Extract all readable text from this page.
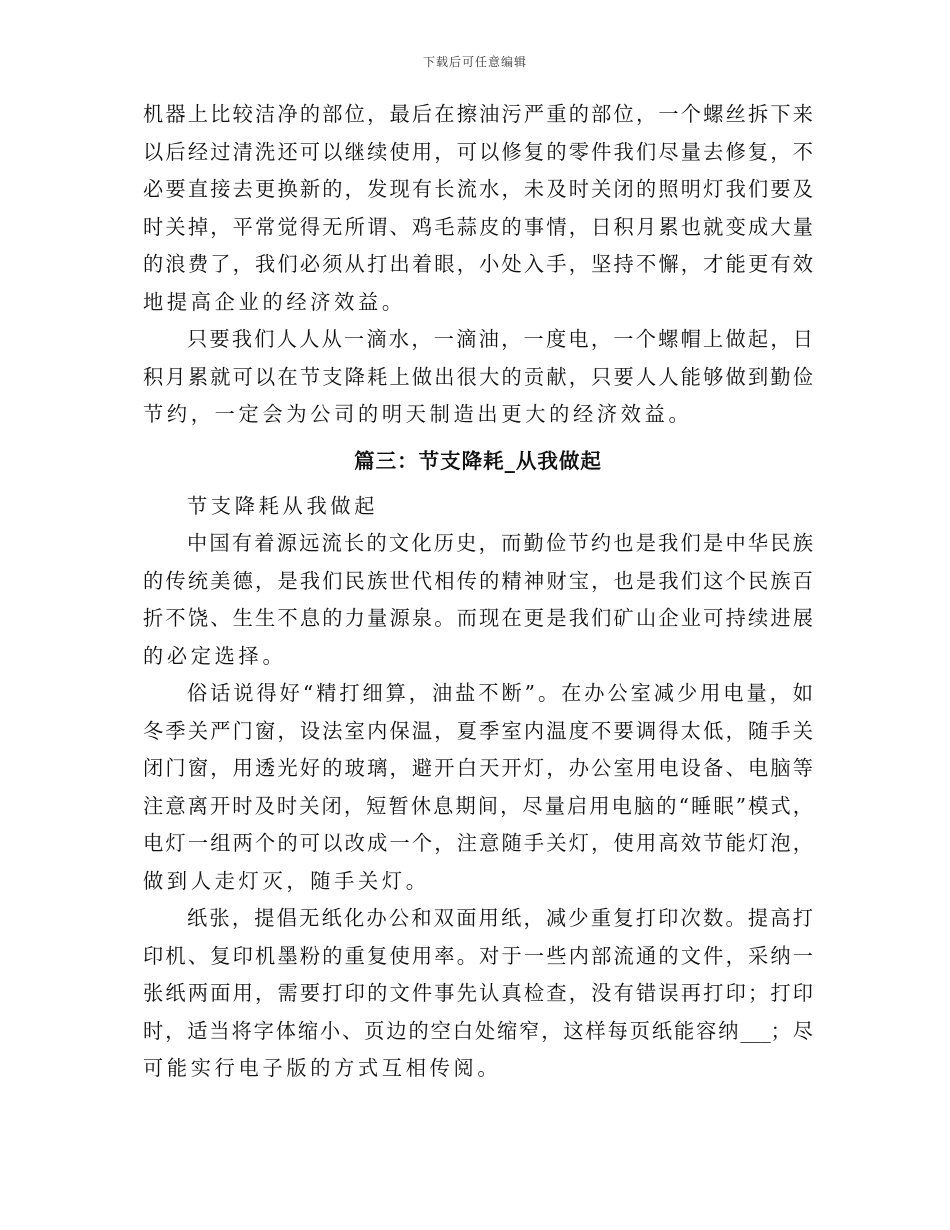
下载后可任意编辑
机器上比较洁净的部位，最后在擦油污严重的部位，一个螺丝拆下来
以后经过清洗还可以继续使用，可以修复的零件我们尽量去修复，不
必要直接去更换新的，发现有长流水，未及时关闭的照明灯我们要及
时关掉，平常觉得无所谓、鸡毛蒜皮的事情，日积月累也就变成大量
的浪费了，我们必须从打出着眼，小处入手，坚持不懈，才能更有效
地提高企业的经济效益。
只要我们人人从一滴水，一滴油，一度电，一个螺帽上做起，日
积月累就可以在节支降耗上做出很大的贡献，只要人人能够做到勤俭
节约，一定会为公司的明天制造出更大的经济效益。
篇三：节支降耗_从我做起
节支降耗从我做起
中国有着源远流长的文化历史，而勤俭节约也是我们是中华民族
的传统美德，是我们民族世代相传的精神财宝，也是我们这个民族百
折不饶、生生不息的力量源泉。而现在更是我们矿山企业可持续进展
的必定选择。
俗话说得好“精打细算，油盐不断”。在办公室减少用电量，如
冬季关严门窗，设法室内保温，夏季室内温度不要调得太低，随手关
闭门窗，用透光好的玻璃，避开白天开灯，办公室用电设备、电脑等
注意离开时及时关闭，短暂休息期间，尽量启用电脑的“睡眠”模式，
电灯一组两个的可以改成一个，注意随手关灯，使用高效节能灯泡，
做到人走灯灭，随手关灯。
纸张，提倡无纸化办公和双面用纸，减少重复打印次数。提高打
印机、复印机墨粉的重复使用率。对于一些内部流通的文件，采纳一
张纸两面用，需要打印的文件事先认真检查，没有错误再打印；打印
时，适当将字体缩小、页边的空白处缩窄，这样每页纸能容纳___；尽
可能实行电子版的方式互相传阅。
